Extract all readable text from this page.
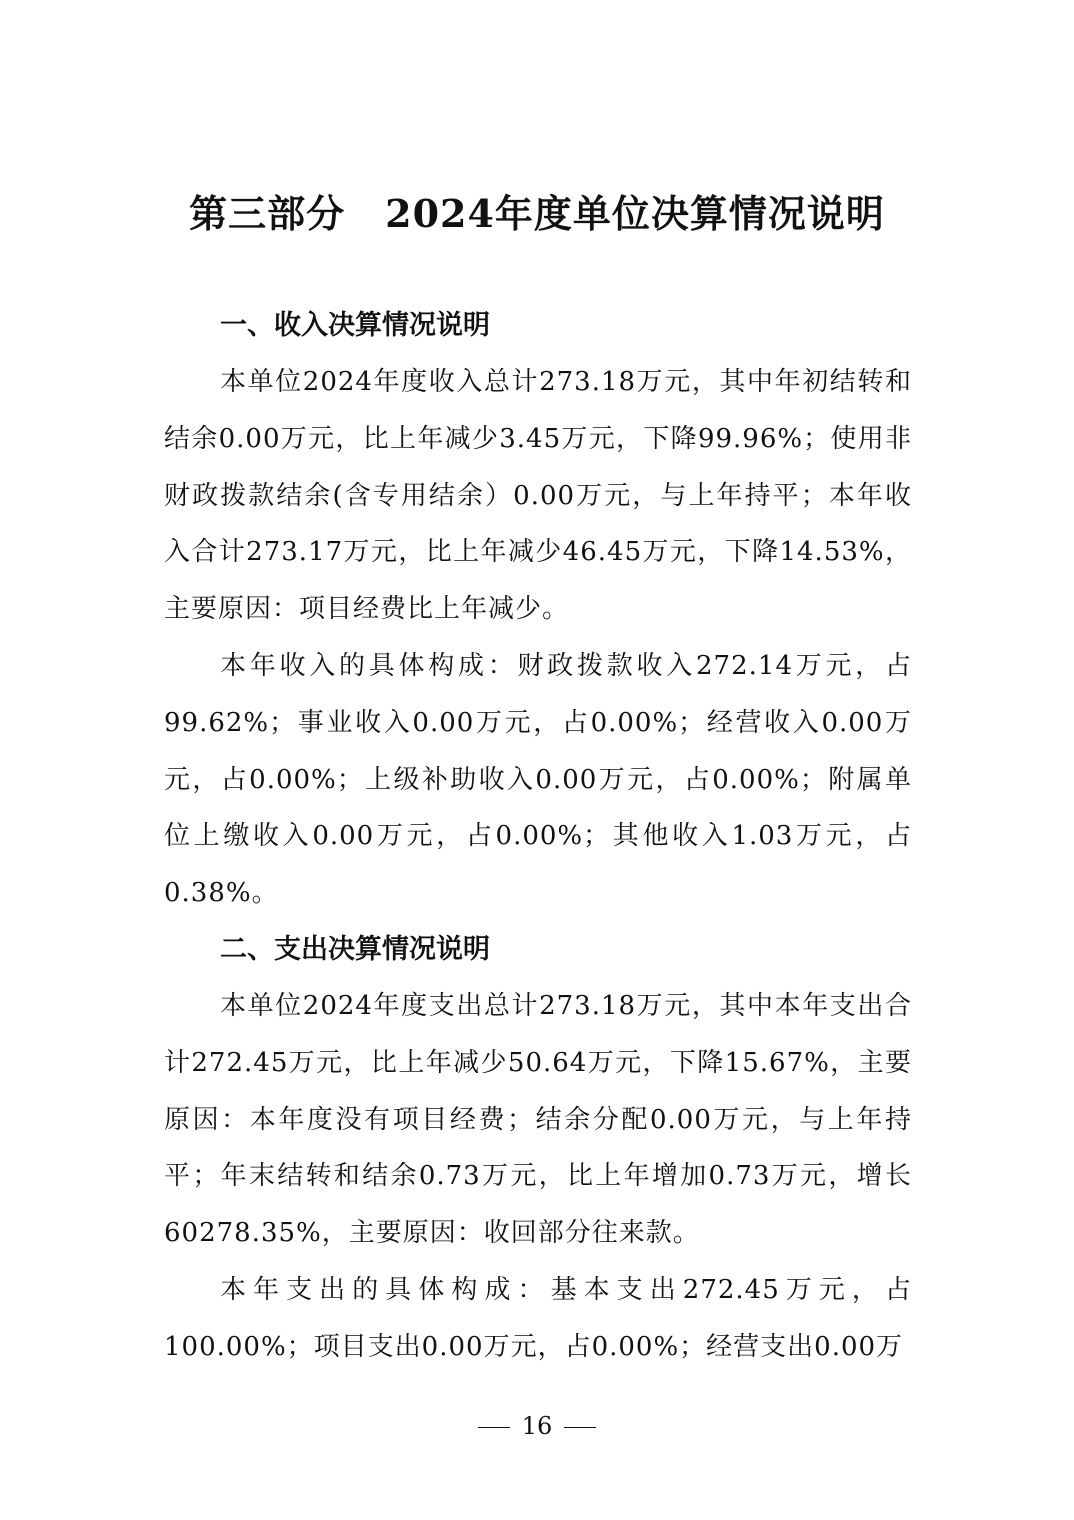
第三部分 2024年度单位决算情况说明
一、收入决算情况说明

本单位2024年度收入总计273.18万元，其中年初结转和结余0.00万元，比上年减少3.45万元，下降99.96%；使用非财政拨款结余(含专用结余）0.00万元，与上年持平；本年收入合计273.17万元，比上年减少46.45万元，下降14.53%，主要原因：项目经费比上年减少。

本年收入的具体构成：财政拨款收入272.14万元，占99.62%；事业收入0.00万元，占0.00%；经营收入0.00万元，占0.00%；上级补助收入0.00万元，占0.00%；附属单位上缴收入0.00万元，占0.00%；其他收入1.03万元，占0.38%。

二、支出决算情况说明

本单位2024年度支出总计273.18万元，其中本年支出合计272.45万元，比上年减少50.64万元，下降15.67%，主要原因：本年度没有项目经费；结余分配0.00万元，与上年持平；年末结转和结余0.73万元，比上年增加0.73万元，增长60278.35%，主要原因：收回部分往来款。

本年支出的具体构成：基本支出272.45万元，占100.00%；项目支出0.00万元，占0.00%；经营支出0.00万

16
